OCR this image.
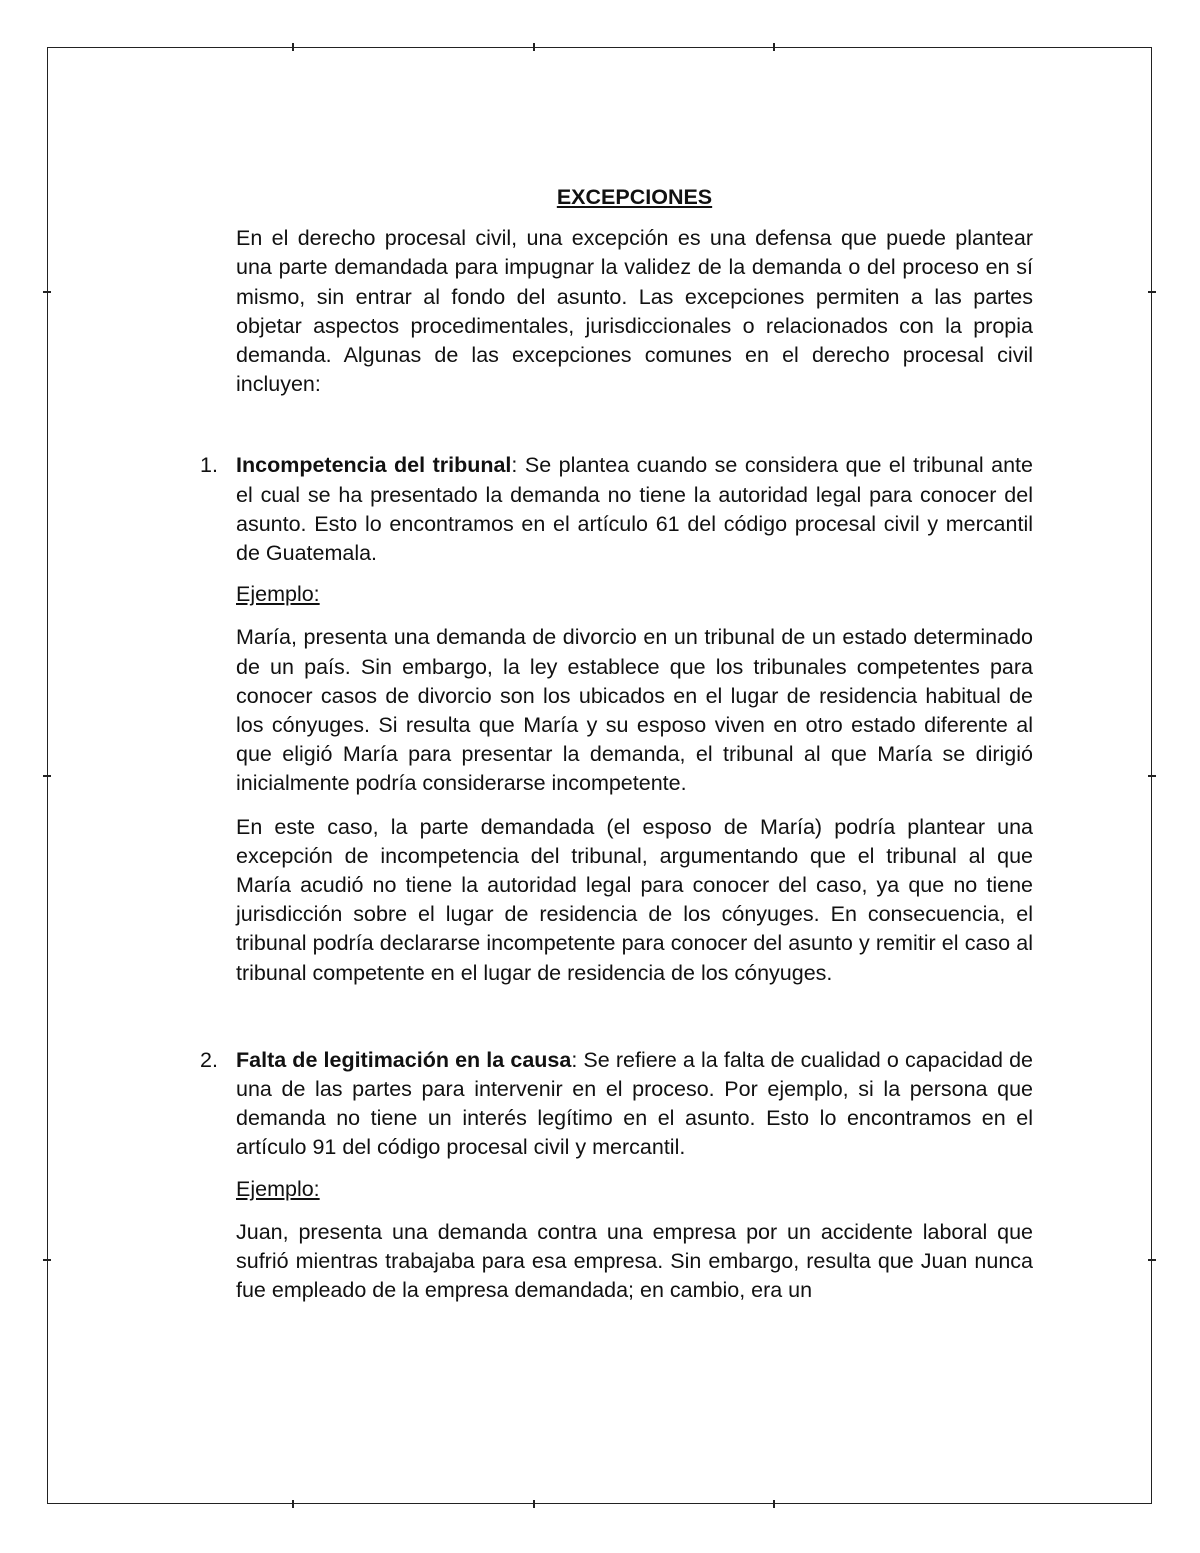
EXCEPCIONES

En el derecho procesal civil, una excepción es una defensa que puede plantear una parte demandada para impugnar la validez de la demanda o del proceso en sí mismo, sin entrar al fondo del asunto. Las excepciones permiten a las partes objetar aspectos procedimentales, jurisdiccionales o relacionados con la propia demanda. Algunas de las excepciones comunes en el derecho procesal civil incluyen:

1. Incompetencia del tribunal: Se plantea cuando se considera que el tribunal ante el cual se ha presentado la demanda no tiene la autoridad legal para conocer del asunto. Esto lo encontramos en el artículo 61 del código procesal civil y mercantil de Guatemala.

Ejemplo:

María, presenta una demanda de divorcio en un tribunal de un estado determinado de un país. Sin embargo, la ley establece que los tribunales competentes para conocer casos de divorcio son los ubicados en el lugar de residencia habitual de los cónyuges. Si resulta que María y su esposo viven en otro estado diferente al que eligió María para presentar la demanda, el tribunal al que María se dirigió inicialmente podría considerarse incompetente.

En este caso, la parte demandada (el esposo de María) podría plantear una excepción de incompetencia del tribunal, argumentando que el tribunal al que María acudió no tiene la autoridad legal para conocer del caso, ya que no tiene jurisdicción sobre el lugar de residencia de los cónyuges. En consecuencia, el tribunal podría declararse incompetente para conocer del asunto y remitir el caso al tribunal competente en el lugar de residencia de los cónyuges.

2. Falta de legitimación en la causa: Se refiere a la falta de cualidad o capacidad de una de las partes para intervenir en el proceso. Por ejemplo, si la persona que demanda no tiene un interés legítimo en el asunto. Esto lo encontramos en el artículo 91 del código procesal civil y mercantil.

Ejemplo:

Juan, presenta una demanda contra una empresa por un accidente laboral que sufrió mientras trabajaba para esa empresa. Sin embargo, resulta que Juan nunca fue empleado de la empresa demandada; en cambio, era un
